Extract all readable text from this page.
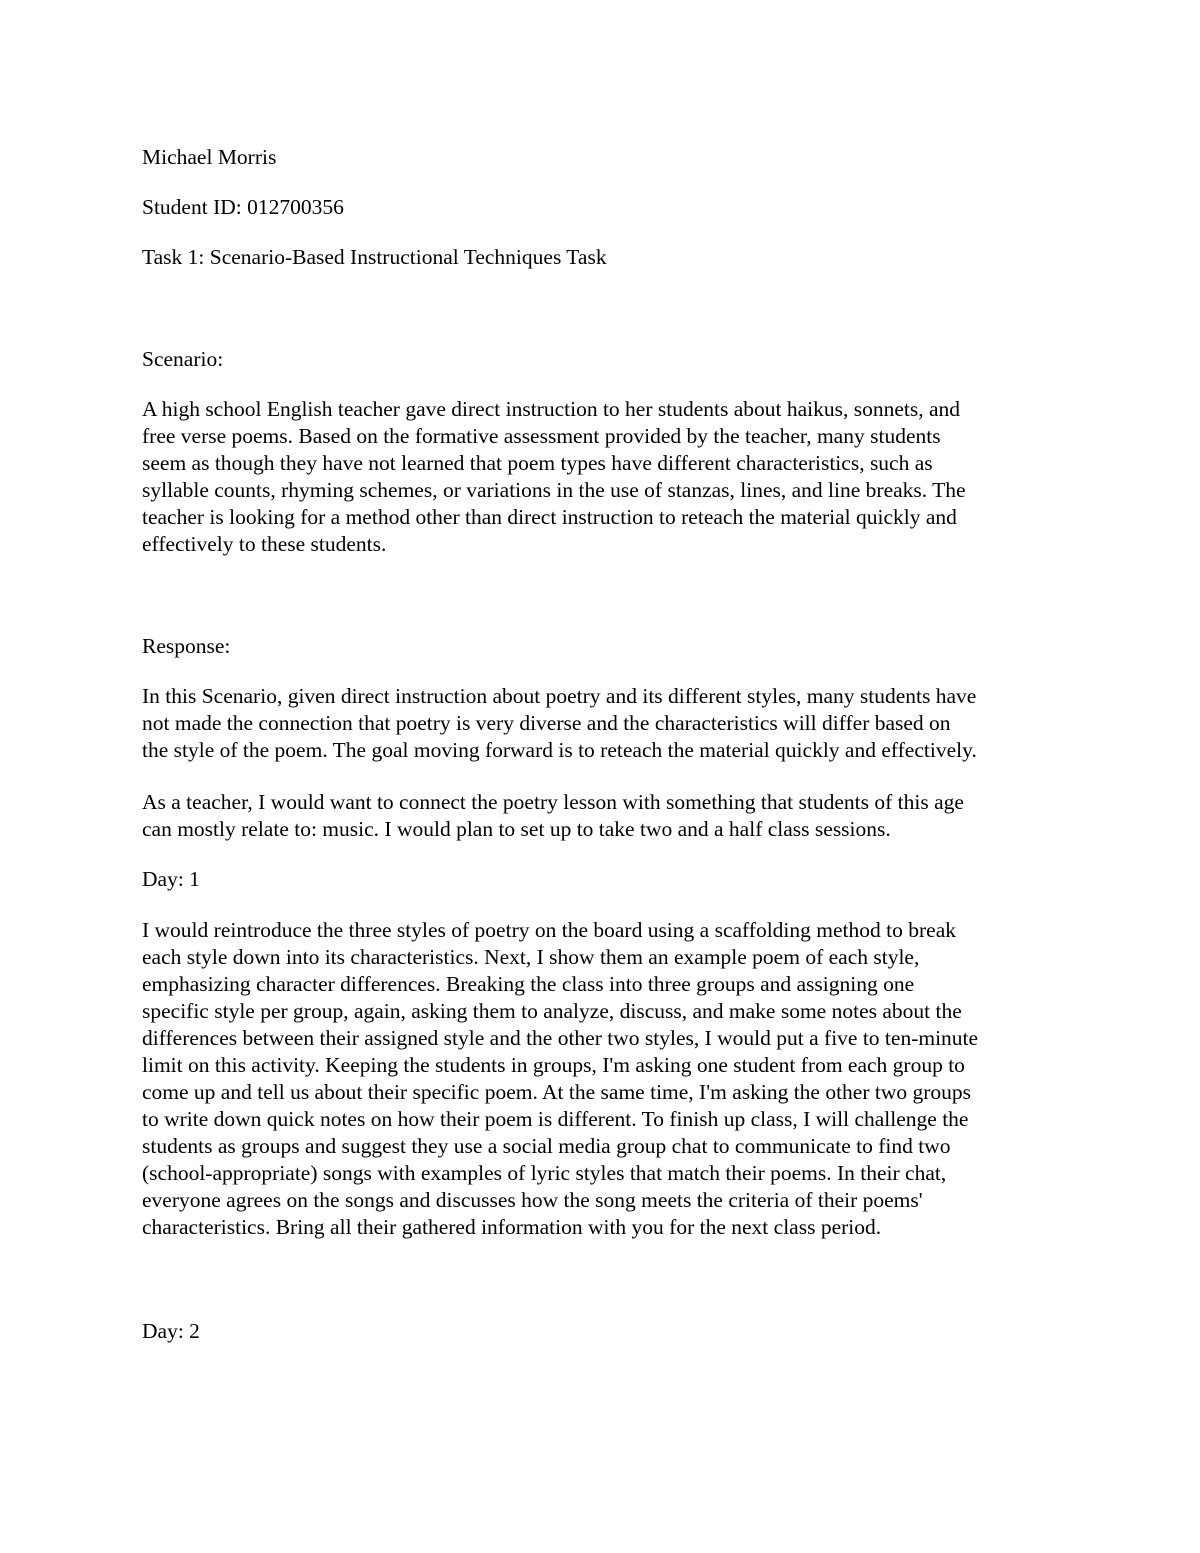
Michael Morris

Student ID: 012700356

Task 1: Scenario-Based Instructional Techniques Task

Scenario:

A high school English teacher gave direct instruction to her students about haikus, sonnets, and
free verse poems. Based on the formative assessment provided by the teacher, many students
seem as though they have not learned that poem types have different characteristics, such as
syllable counts, rhyming schemes, or variations in the use of stanzas, lines, and line breaks. The
teacher is looking for a method other than direct instruction to reteach the material quickly and
effectively to these students.

Response:

In this Scenario, given direct instruction about poetry and its different styles, many students have
not made the connection that poetry is very diverse and the characteristics will differ based on
the style of the poem. The goal moving forward is to reteach the material quickly and effectively.
As a teacher, I would want to connect the poetry lesson with something that students of this age
can mostly relate to: music. I would plan to set up to take two and a half class sessions.

Day: 1

I would reintroduce the three styles of poetry on the board using a scaffolding method to break
each style down into its characteristics. Next, I show them an example poem of each style,
emphasizing character differences. Breaking the class into three groups and assigning one
specific style per group, again, asking them to analyze, discuss, and make some notes about the
differences between their assigned style and the other two styles, I would put a five to ten-minute
limit on this activity. Keeping the students in groups, I'm asking one student from each group to
come up and tell us about their specific poem. At the same time, I'm asking the other two groups
to write down quick notes on how their poem is different. To finish up class, I will challenge the
students as groups and suggest they use a social media group chat to communicate to find two
(school-appropriate) songs with examples of lyric styles that match their poems. In their chat,
everyone agrees on the songs and discusses how the song meets the criteria of their poems'
characteristics. Bring all their gathered information with you for the next class period.

Day: 2
